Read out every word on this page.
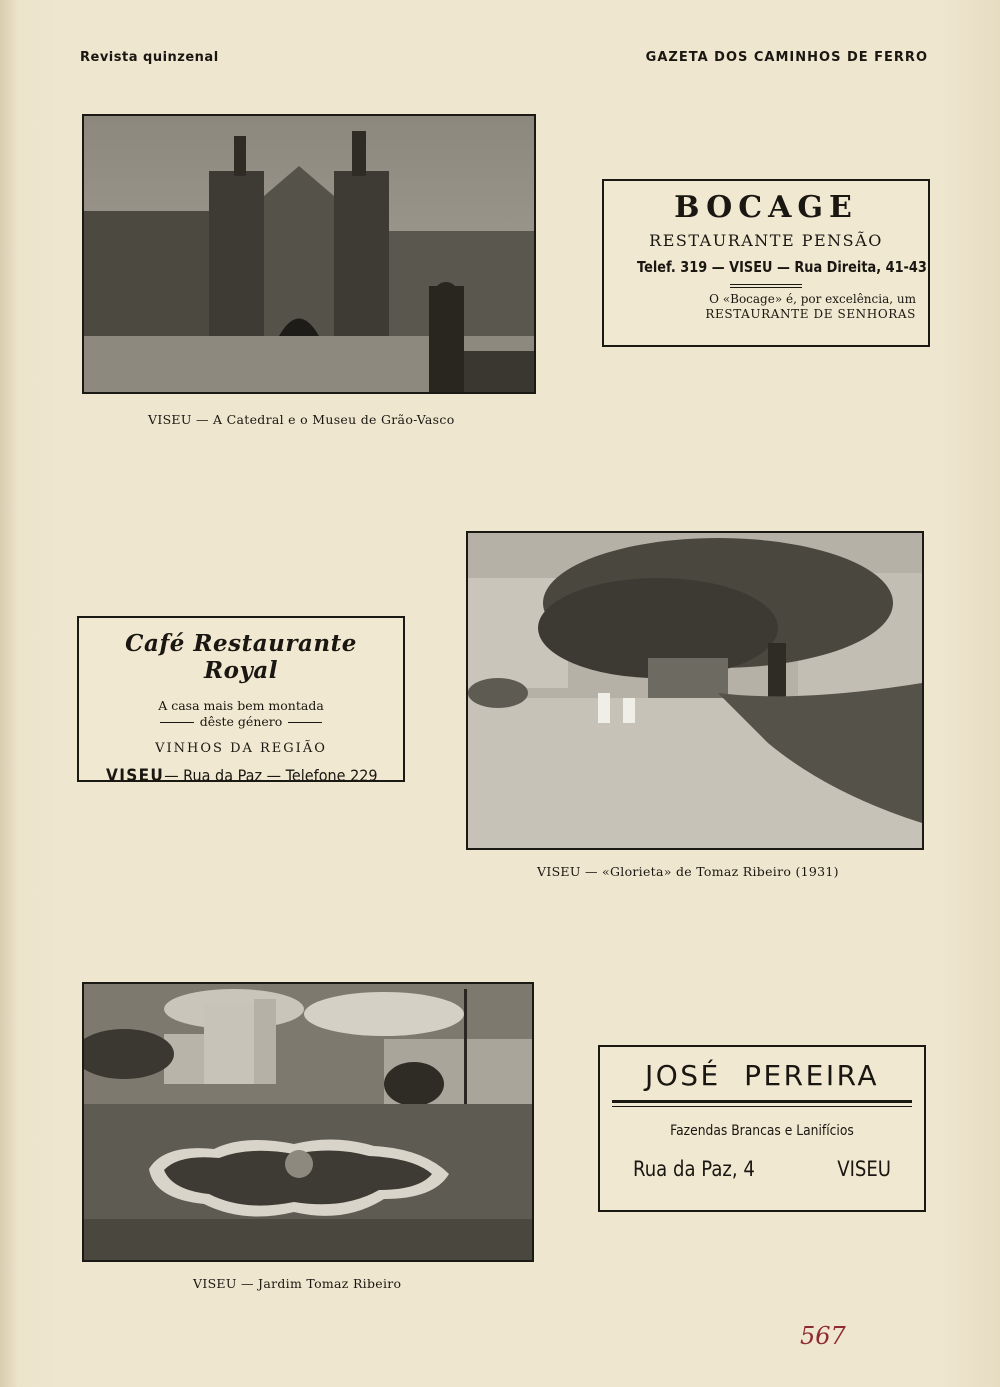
Revista quinzenal	GAZETA DOS CAMINHOS DE FERRO
VISEU — A Catedral e o Museu de Grão-Vasco
BOCAGE
RESTAURANTE PENSÃO
Telef. 319 — VISEU — Rua Direita, 41-43
O «Bocage» é, por excelência, um
RESTAURANTE DE SENHORAS
Café Restaurante Royal
A casa mais bem montada
dêste género
VINHOS DA REGIÃO
VISEU— Rua da Paz — Telefone 229
VISEU — «Glorieta» de Tomaz Ribeiro (1931)
VISEU — Jardim Tomaz Ribeiro
JOSÉ PEREIRA
Fazendas Brancas e Lanifícios
Rua da Paz, 4	VISEU
567
